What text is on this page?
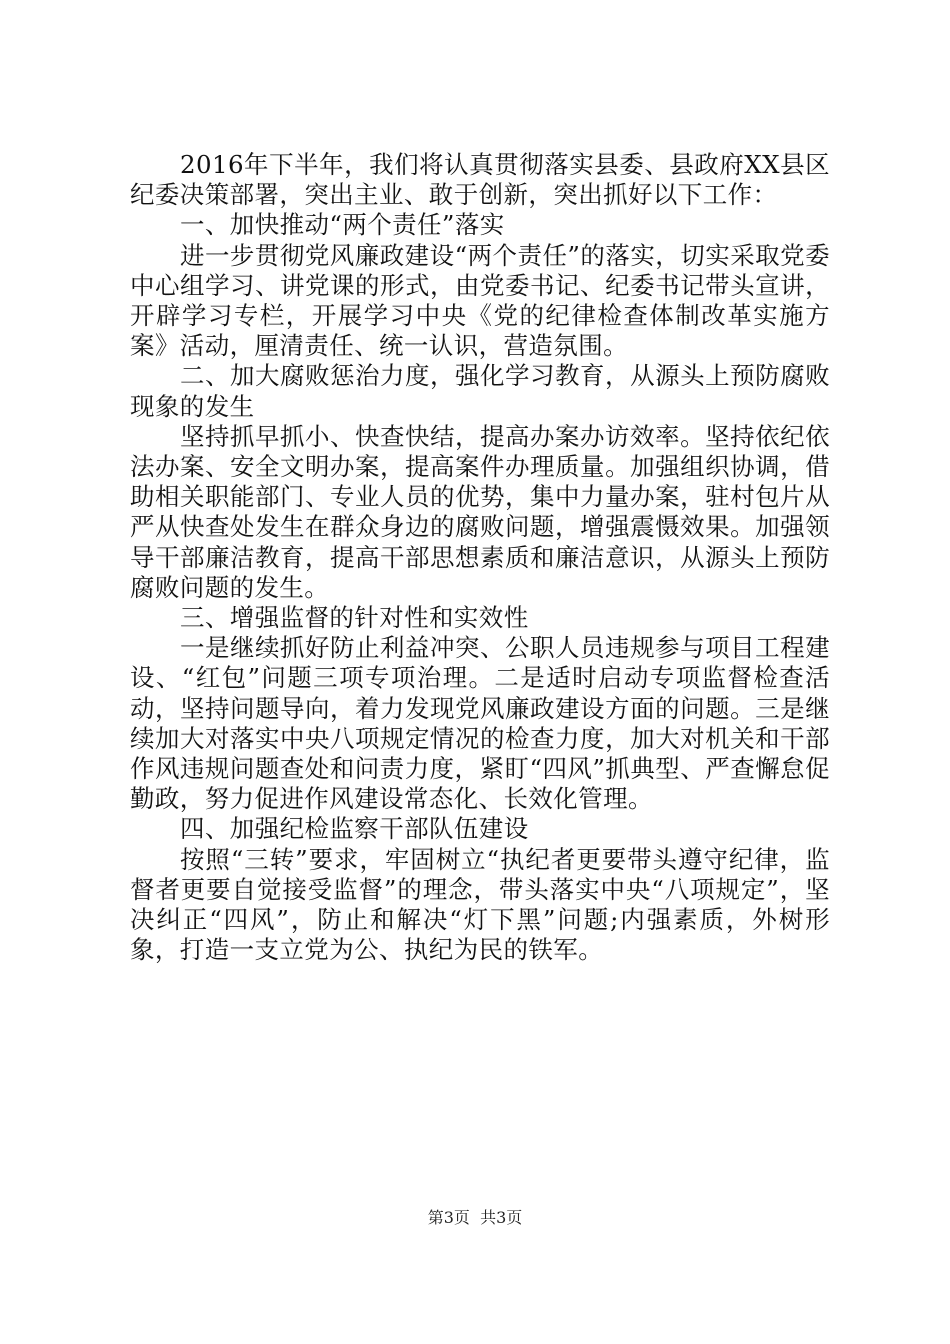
2016年下半年，我们将认真贯彻落实县委、县政府XX县区纪委决策部署，突出主业、敢于创新，突出抓好以下工作：

一、加快推动“两个责任”落实

进一步贯彻党风廉政建设“两个责任”的落实，切实采取党委中心组学习、讲党课的形式，由党委书记、纪委书记带头宣讲，开辟学习专栏，开展学习中央《党的纪律检查体制改革实施方案》活动，厘清责任、统一认识，营造氛围。

二、加大腐败惩治力度，强化学习教育，从源头上预防腐败现象的发生

坚持抓早抓小、快查快结，提高办案办访效率。坚持依纪依法办案、安全文明办案，提高案件办理质量。加强组织协调，借助相关职能部门、专业人员的优势，集中力量办案，驻村包片从严从快查处发生在群众身边的腐败问题，增强震慑效果。加强领导干部廉洁教育，提高干部思想素质和廉洁意识，从源头上预防腐败问题的发生。

三、增强监督的针对性和实效性

一是继续抓好防止利益冲突、公职人员违规参与项目工程建设、“红包”问题三项专项治理。二是适时启动专项监督检查活动，坚持问题导向，着力发现党风廉政建设方面的问题。三是继续加大对落实中央八项规定情况的检查力度，加大对机关和干部作风违规问题查处和问责力度，紧盯“四风”抓典型、严查懈怠促勤政，努力促进作风建设常态化、长效化管理。

四、加强纪检监察干部队伍建设

按照“三转”要求，牢固树立“执纪者更要带头遵守纪律，监督者更要自觉接受监督”的理念，带头落实中央“八项规定”，坚决纠正“四风”，防止和解决“灯下黑”问题;内强素质，外树形象，打造一支立党为公、执纪为民的铁军。

第3页 共3页
